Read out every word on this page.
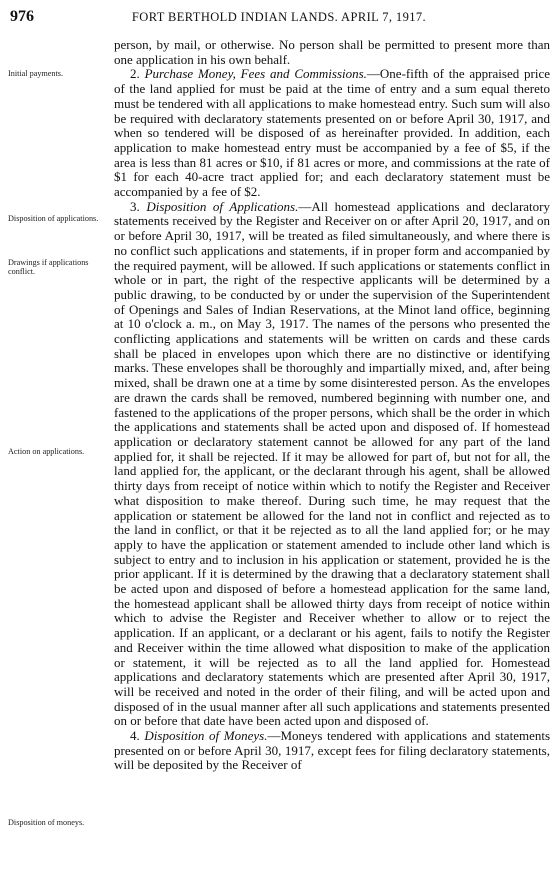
976	FORT BERTHOLD INDIAN LANDS. APRIL 7, 1917.
Initial payments.
Disposition of applications.
Drawings if applications conflict.
Action on applications.
Disposition of moneys.

person, by mail, or otherwise. No person shall be permitted to present more than one application in his own behalf.

2. Purchase Money, Fees and Commissions.—One-fifth of the appraised price of the land applied for must be paid at the time of entry and a sum equal thereto must be tendered with all applications to make homestead entry. Such sum will also be required with declaratory statements presented on or before April 30, 1917, and when so tendered will be disposed of as hereinafter provided. In addition, each application to make homestead entry must be accompanied by a fee of $5, if the area is less than 81 acres or $10, if 81 acres or more, and commissions at the rate of $1 for each 40-acre tract applied for; and each declaratory statement must be accompanied by a fee of $2.

3. Disposition of Applications.—All homestead applications and declaratory statements received by the Register and Receiver on or after April 20, 1917, and on or before April 30, 1917, will be treated as filed simultaneously, and where there is no conflict such applications and statements, if in proper form and accompanied by the required payment, will be allowed. If such applications or statements conflict in whole or in part, the right of the respective applicants will be determined by a public drawing, to be conducted by or under the supervision of the Superintendent of Openings and Sales of Indian Reservations, at the Minot land office, beginning at 10 o'clock a. m., on May 3, 1917. The names of the persons who presented the conflicting applications and statements will be written on cards and these cards shall be placed in envelopes upon which there are no distinctive or identifying marks. These envelopes shall be thoroughly and impartially mixed, and, after being mixed, shall be drawn one at a time by some disinterested person. As the envelopes are drawn the cards shall be removed, numbered beginning with number one, and fastened to the applications of the proper persons, which shall be the order in which the applications and statements shall be acted upon and disposed of. If homestead application or declaratory statement cannot be allowed for any part of the land applied for, it shall be rejected. If it may be allowed for part of, but not for all, the land applied for, the applicant, or the declarant through his agent, shall be allowed thirty days from receipt of notice within which to notify the Register and Receiver what disposition to make thereof. During such time, he may request that the application or statement be allowed for the land not in conflict and rejected as to the land in conflict, or that it be rejected as to all the land applied for; or he may apply to have the application or statement amended to include other land which is subject to entry and to inclusion in his application or statement, provided he is the prior applicant. If it is determined by the drawing that a declaratory statement shall be acted upon and disposed of before a homestead application for the same land, the homestead applicant shall be allowed thirty days from receipt of notice within which to advise the Register and Receiver whether to allow or to reject the application. If an applicant, or a declarant or his agent, fails to notify the Register and Receiver within the time allowed what disposition to make of the application or statement, it will be rejected as to all the land applied for. Homestead applications and declaratory statements which are presented after April 30, 1917, will be received and noted in the order of their filing, and will be acted upon and disposed of in the usual manner after all such applications and statements presented on or before that date have been acted upon and disposed of.

4. Disposition of Moneys.—Moneys tendered with applications and statements presented on or before April 30, 1917, except fees for filing declaratory statements, will be deposited by the Receiver of
